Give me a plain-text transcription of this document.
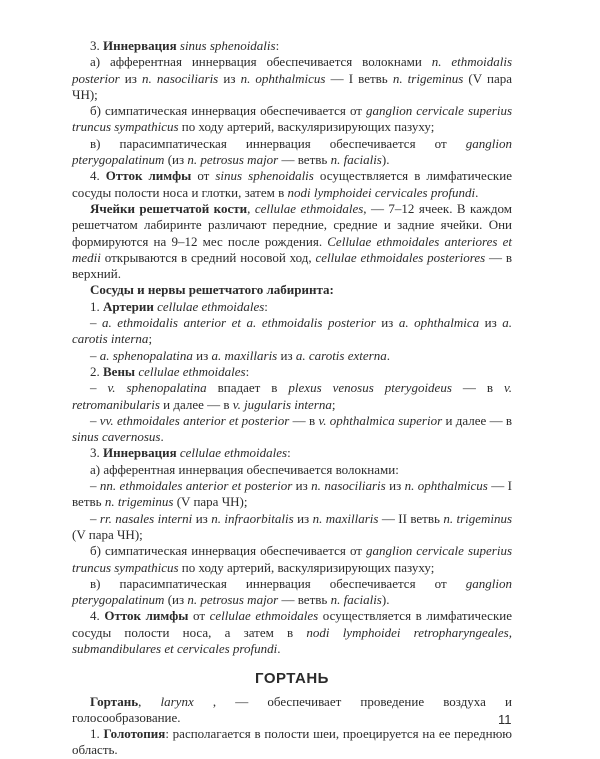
3. Иннервация sinus sphenoidalis:

а) афферентная иннервация обеспечивается волокнами n. ethmoidalis posterior из n. nasociliaris из n. ophthalmicus — I ветвь n. trigeminus (V пара ЧН);

б) симпатическая иннервация обеспечивается от ganglion cervicale superius truncus sympathicus по ходу артерий, васкуляризирующих пазуху;

в) парасимпатическая иннервация обеспечивается от ganglion pterygopalatinum (из n. petrosus major — ветвь n. facialis).

4. Отток лимфы от sinus sphenoidalis осуществляется в лимфатические сосуды полости носа и глотки, затем в nodi lymphoidei cervicales profundi.

Ячейки решетчатой кости, cellulae ethmoidales, — 7–12 ячеек. В каждом решетчатом лабиринте различают передние, средние и задние ячейки. Они формируются на 9–12 мес после рождения. Cellulae ethmoidales anteriores et medii открываются в средний носовой ход, cellulae ethmoidales posteriores — в верхний.

Сосуды и нервы решетчатого лабиринта:

1. Артерии cellulae ethmoidales:

– a. ethmoidalis anterior et a. ethmoidalis posterior из a. ophthalmica из a. carotis interna;

– a. sphenopalatina из a. maxillaris из a. carotis externa.

2. Вены cellulae ethmoidales:

– v. sphenopalatina впадает в plexus venosus pterygoideus — в v. retromanibularis и далее — в v. jugularis interna;

– vv. ethmoidales anterior et posterior — в v. ophthalmica superior и далее — в sinus cavernosus.

3. Иннервация cellulae ethmoidales:

а) афферентная иннервация обеспечивается волокнами:

– nn. ethmoidales anterior et posterior из n. nasociliaris из n. ophthalmicus — I ветвь n. trigeminus (V пара ЧН);

– rr. nasales interni из n. infraorbitalis из n. maxillaris — II ветвь n. trigeminus (V пара ЧН);

б) симпатическая иннервация обеспечивается от ganglion cervicale superius truncus sympathicus по ходу артерий, васкуляризирующих пазуху;

в) парасимпатическая иннервация обеспечивается от ganglion pterygopalatinum (из n. petrosus major — ветвь n. facialis).

4. Отток лимфы от cellulae ethmoidales осуществляется в лимфатические сосуды полости носа, а затем в nodi lymphoidei retropharyngeales, submandibulares et cervicales profundi.

ГОРТАНЬ

Гортань, larynx , — обеспечивает проведение воздуха и голосообразование.

1. Голотопия: располагается в полости шеи, проецируется на ее переднюю область.

11
